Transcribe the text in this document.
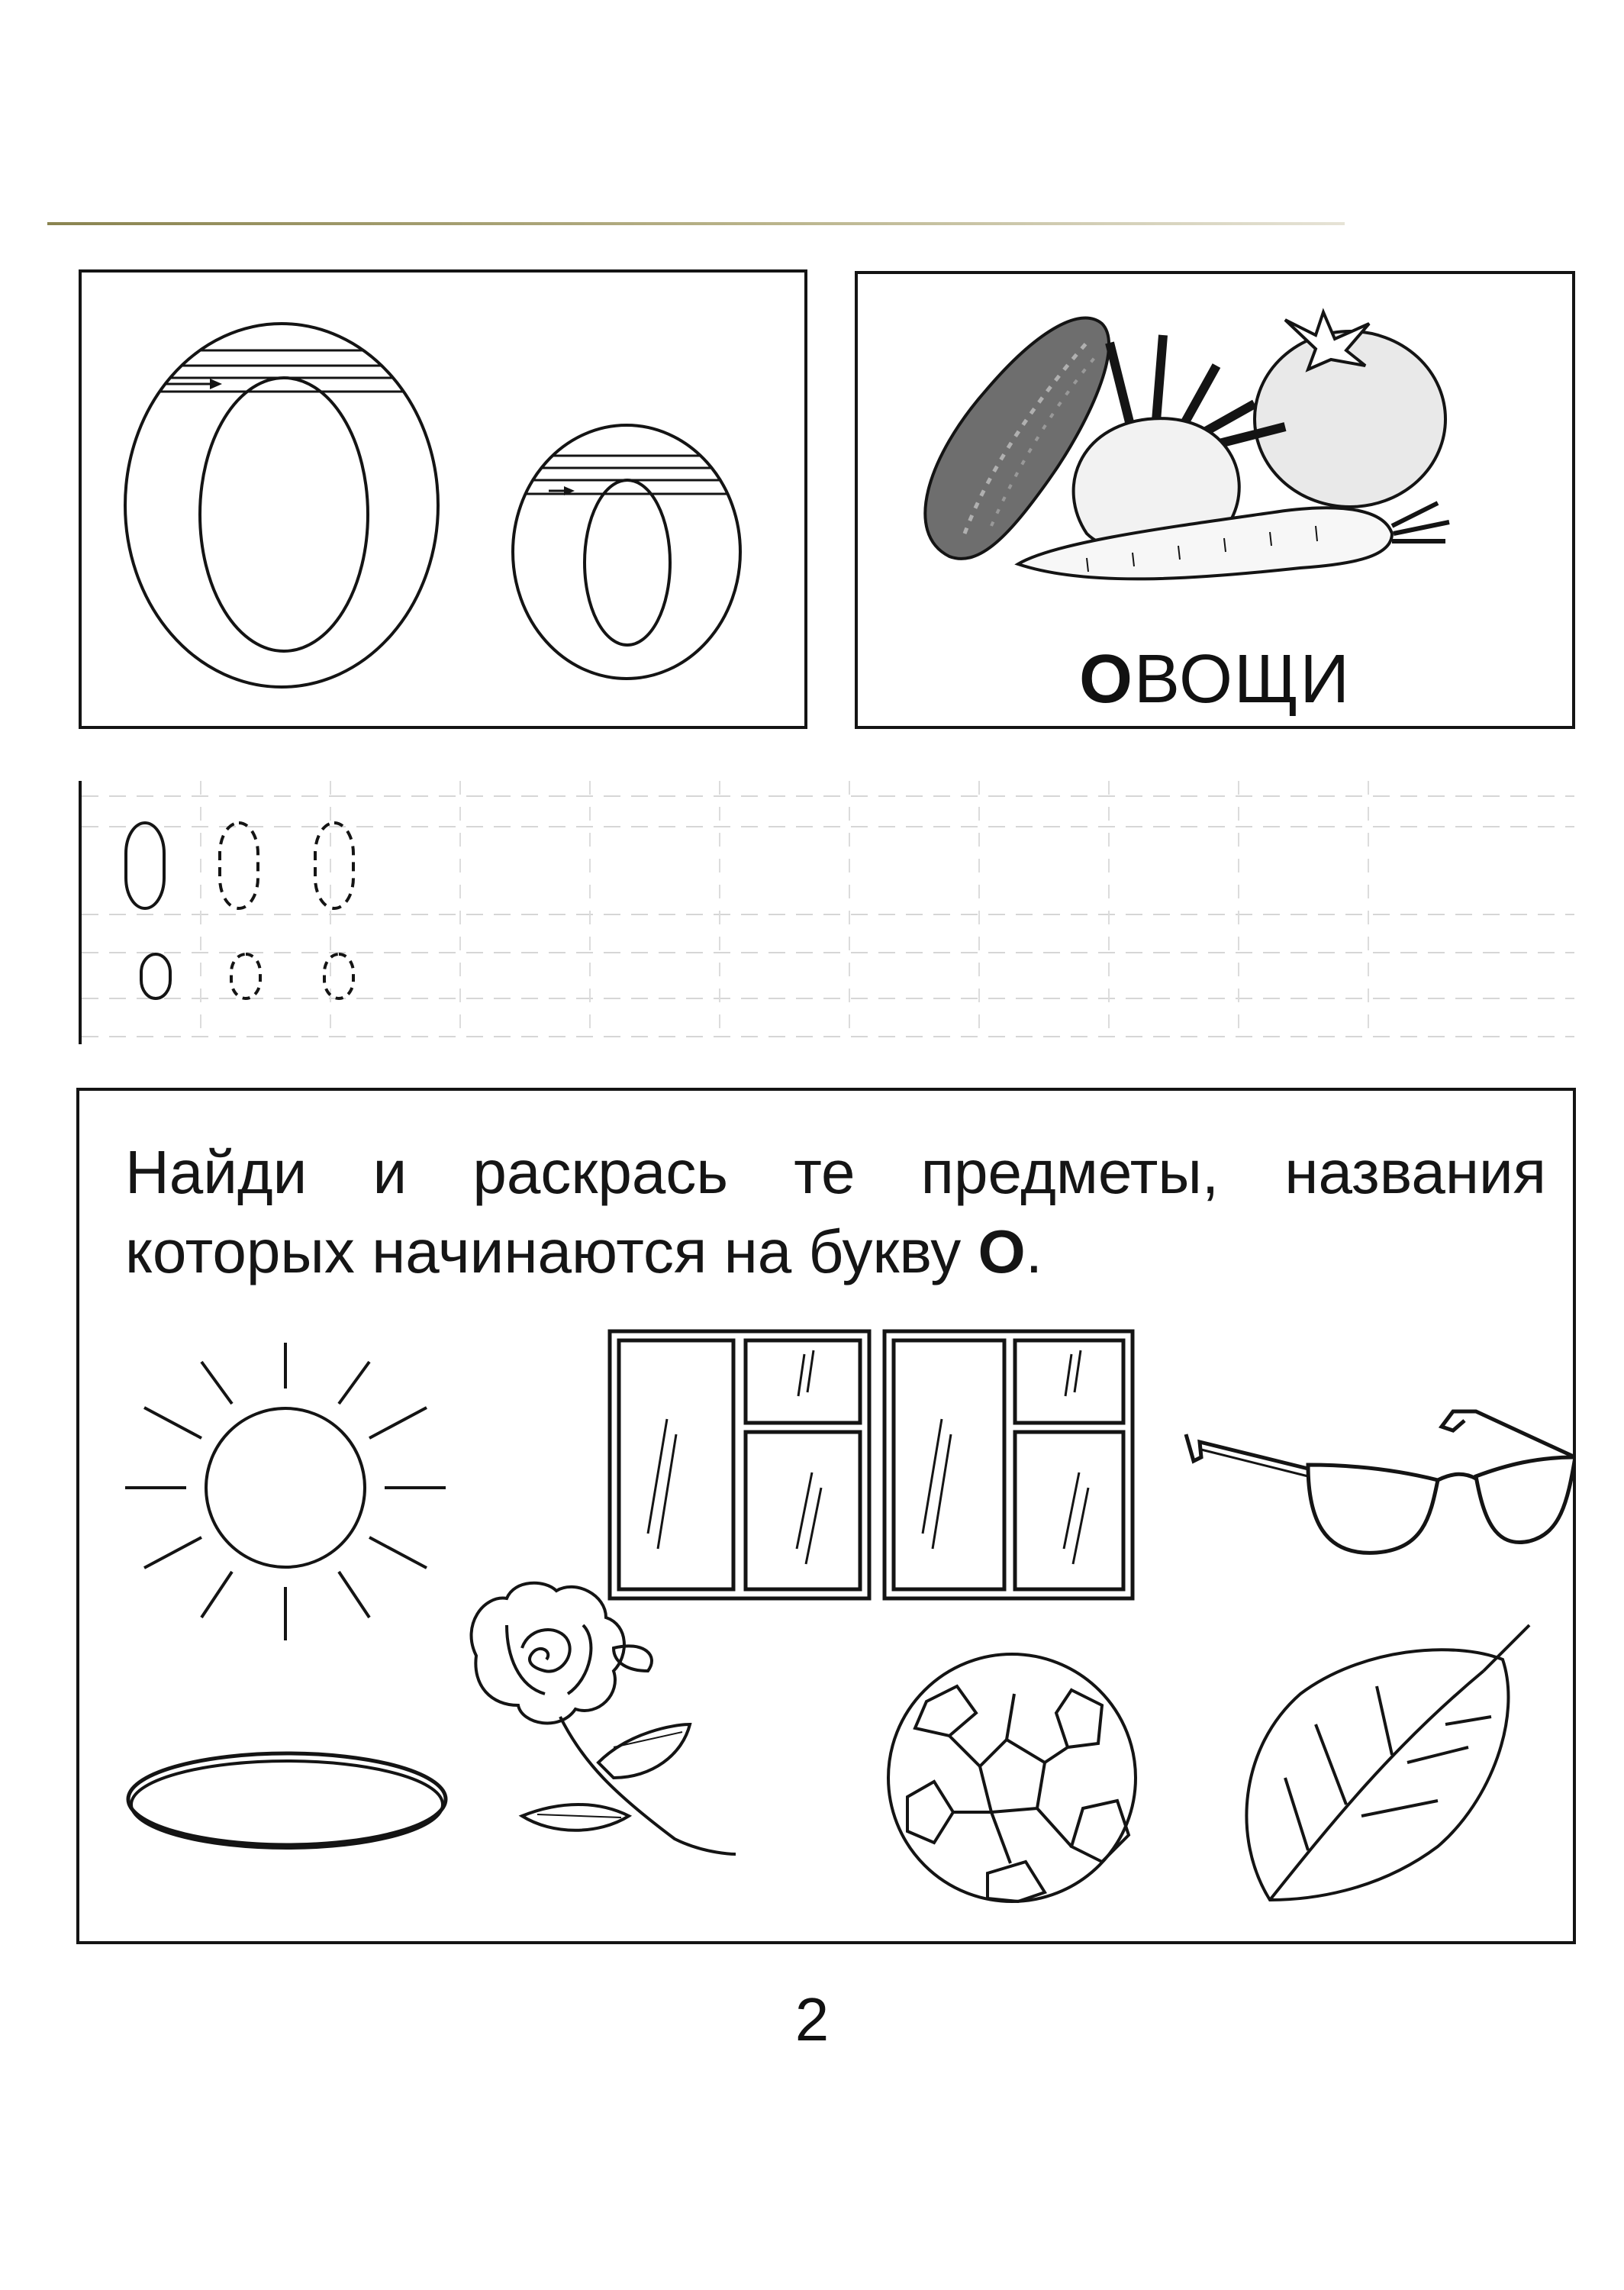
ОВОЩИ
Найди и раскрась те предметы, названия которых начинаются на букву О.
2
